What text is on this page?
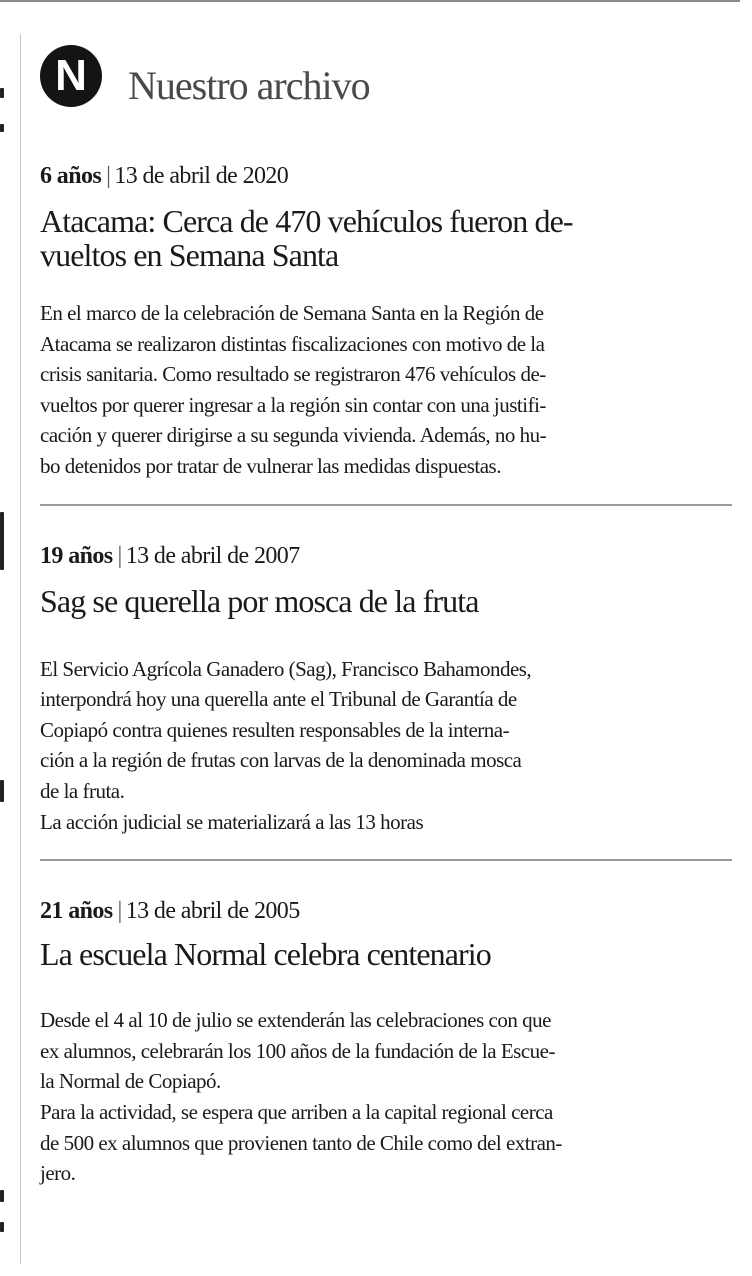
N	Nuestro archivo
6 años | 13 de abril de 2020
Atacama: Cerca de 470 vehículos fueron de-
vueltos en Semana Santa

En el marco de la celebración de Semana Santa en la Región de

Atacama se realizaron distintas fiscalizaciones con motivo de la

crisis sanitaria. Como resultado se registraron 476 vehículos de-

vueltos por querer ingresar a la región sin contar con una justifi-

cación y querer dirigirse a su segunda vivienda. Además, no hu-

bo detenidos por tratar de vulnerar las medidas dispuestas.

19 años | 13 de abril de 2007
Sag se querella por mosca de la fruta

El Servicio Agrícola Ganadero (Sag), Francisco Bahamondes,

interpondrá hoy una querella ante el Tribunal de Garantía de

Copiapó contra quienes resulten responsables de la interna-

ción a la región de frutas con larvas de la denominada mosca

de la fruta.

La acción judicial se materializará a las 13 horas

21 años | 13 de abril de 2005
La escuela Normal celebra centenario

Desde el 4 al 10 de julio se extenderán las celebraciones con que

ex alumnos, celebrarán los 100 años de la fundación de la Escue-

la Normal de Copiapó.

Para la actividad, se espera que arriben a la capital regional cerca

de 500 ex alumnos que provienen tanto de Chile como del extran-

jero.
